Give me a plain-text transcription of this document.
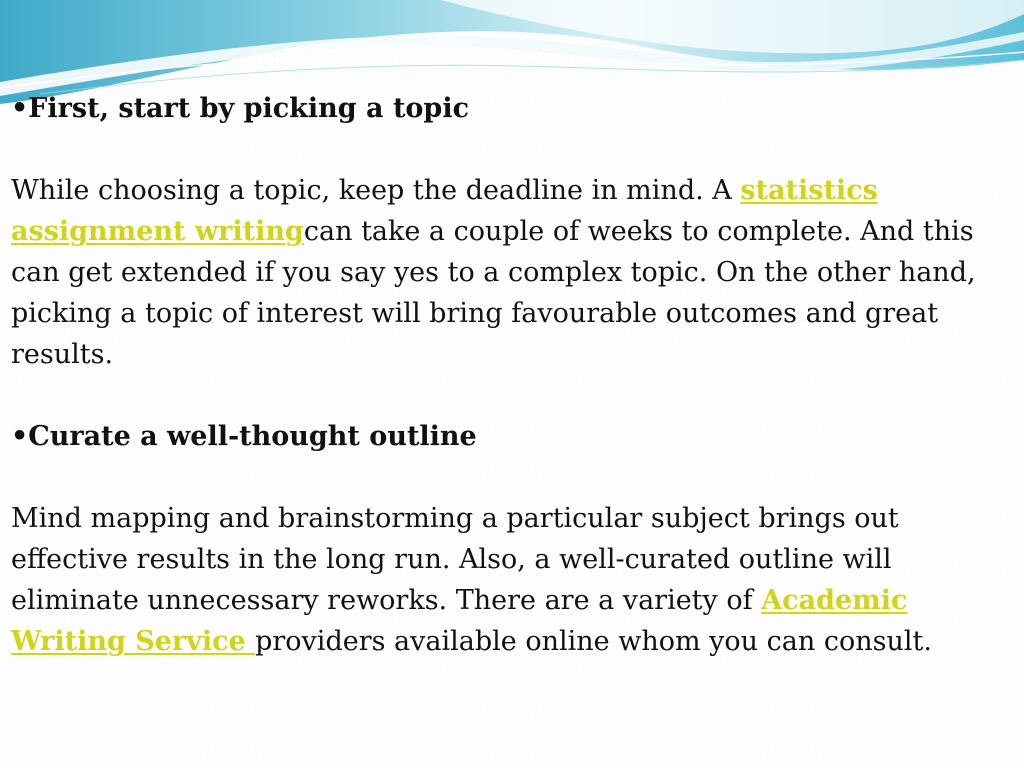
•First, start by picking a topic

While choosing a topic, keep the deadline in mind. A statistics assignment writingcan take a couple of weeks to complete. And this can get extended if you say yes to a complex topic. On the other hand, picking a topic of interest will bring favourable outcomes and great results.

•Curate a well-thought outline

Mind mapping and brainstorming a particular subject brings out effective results in the long run. Also, a well-curated outline will eliminate unnecessary reworks. There are a variety of Academic Writing Service providers available online whom you can consult.
